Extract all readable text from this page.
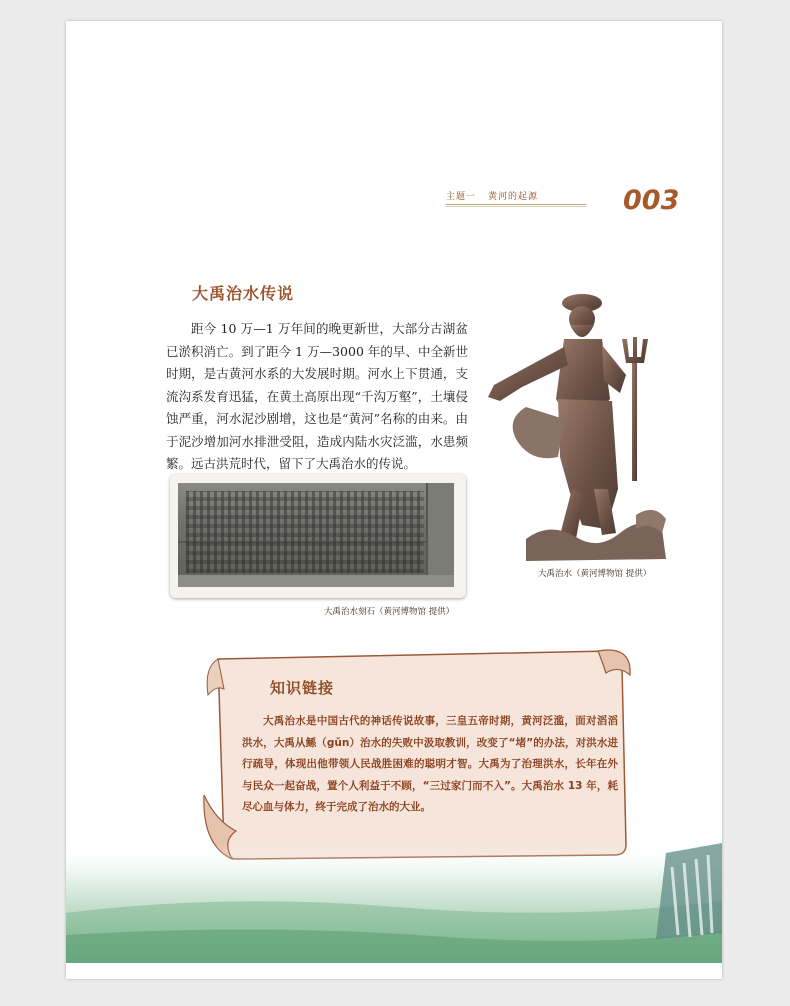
主题一 黄河的起源	003
大禹治水传说

距今 10 万—1 万年间的晚更新世，大部分古湖盆已淤积消亡。到了距今 1 万—3000 年的早、中全新世时期，是古黄河水系的大发展时期。河水上下贯通，支流沟系发育迅猛，在黄土高原出现“千沟万壑”，土壤侵蚀严重，河水泥沙剧增，这也是“黄河”名称的由来。由于泥沙增加河水排泄受阻，造成内陆水灾泛滥，水患频繁。远古洪荒时代，留下了大禹治水的传说。

大禹治水刻石（黄河博物馆 提供）
大禹治水（黄河博物馆 提供）
知识链接

大禹治水是中国古代的神话传说故事，三皇五帝时期，黄河泛滥，面对滔滔洪水，大禹从鲧（gǔn）治水的失败中汲取教训，改变了“堵”的办法，对洪水进行疏导，体现出他带领人民战胜困难的聪明才智。大禹为了治理洪水，长年在外与民众一起奋战，置个人利益于不顾，“三过家门而不入”。大禹治水 13 年，耗尽心血与体力，终于完成了治水的大业。
